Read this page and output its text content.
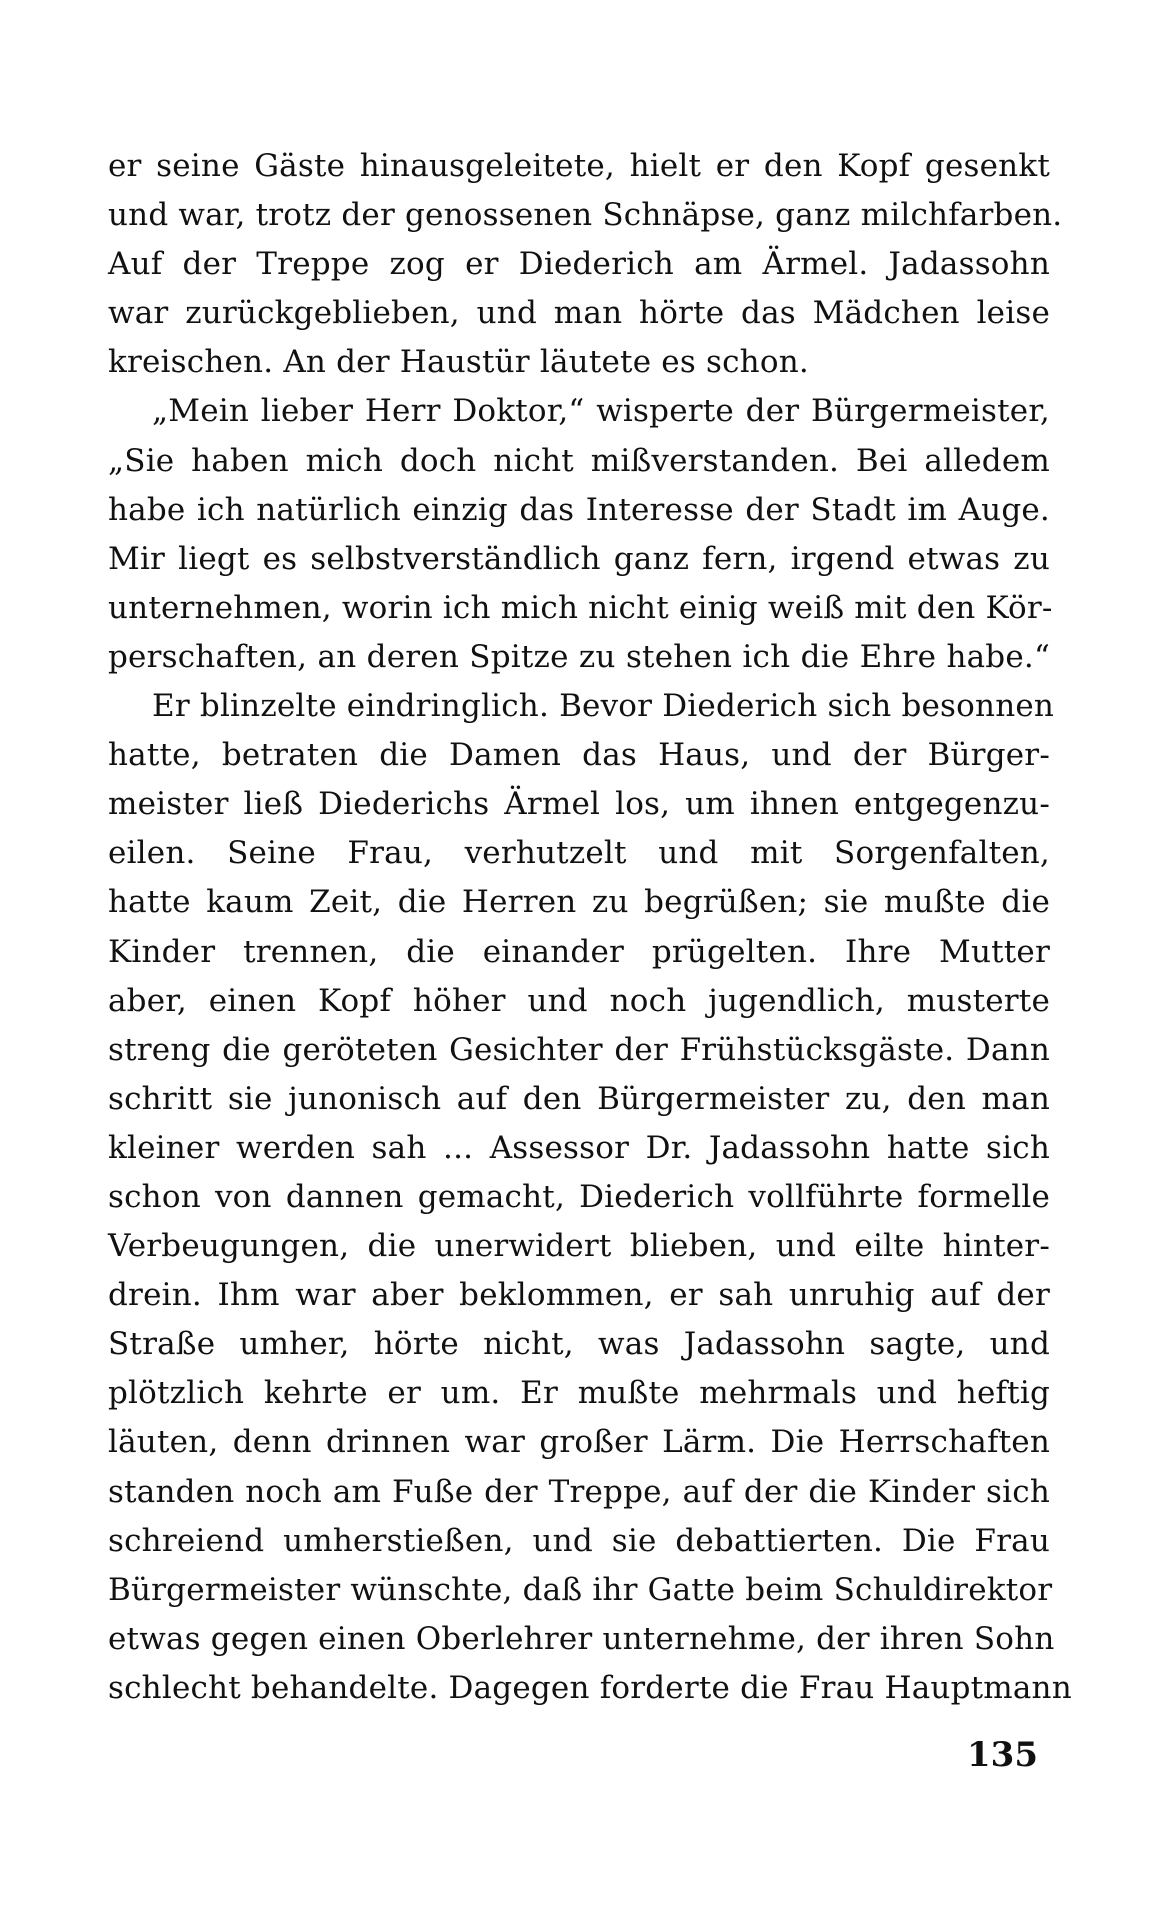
er seine Gäste hinausgeleitete, hielt er den Kopf gesenkt
und war, trotz der genossenen Schnäpse, ganz milchfarben.
Auf der Treppe zog er Diederich am Ärmel. Jadassohn
war zurückgeblieben, und man hörte das Mädchen leise
kreischen. An der Haustür läutete es schon.
„Mein lieber Herr Doktor,“ wisperte der Bürgermeister,
„Sie haben mich doch nicht mißverstanden. Bei alledem
habe ich natürlich einzig das Interesse der Stadt im Auge.
Mir liegt es selbstverständlich ganz fern, irgend etwas zu
unternehmen, worin ich mich nicht einig weiß mit den Kör-
perschaften, an deren Spitze zu stehen ich die Ehre habe.“
Er blinzelte eindringlich. Bevor Diederich sich besonnen
hatte, betraten die Damen das Haus, und der Bürger-
meister ließ Diederichs Ärmel los, um ihnen entgegenzu-
eilen. Seine Frau, verhutzelt und mit Sorgenfalten,
hatte kaum Zeit, die Herren zu begrüßen; sie mußte die
Kinder trennen, die einander prügelten. Ihre Mutter
aber, einen Kopf höher und noch jugendlich, musterte
streng die geröteten Gesichter der Frühstücksgäste. Dann
schritt sie junonisch auf den Bürgermeister zu, den man
kleiner werden sah ... Assessor Dr. Jadassohn hatte sich
schon von dannen gemacht, Diederich vollführte formelle
Verbeugungen, die unerwidert blieben, und eilte hinter-
drein. Ihm war aber beklommen, er sah unruhig auf der
Straße umher, hörte nicht, was Jadassohn sagte, und
plötzlich kehrte er um. Er mußte mehrmals und heftig
läuten, denn drinnen war großer Lärm. Die Herrschaften
standen noch am Fuße der Treppe, auf der die Kinder sich
schreiend umherstießen, und sie debattierten. Die Frau
Bürgermeister wünschte, daß ihr Gatte beim Schuldirektor
etwas gegen einen Oberlehrer unternehme, der ihren Sohn
schlecht behandelte. Dagegen forderte die Frau Hauptmann
135
